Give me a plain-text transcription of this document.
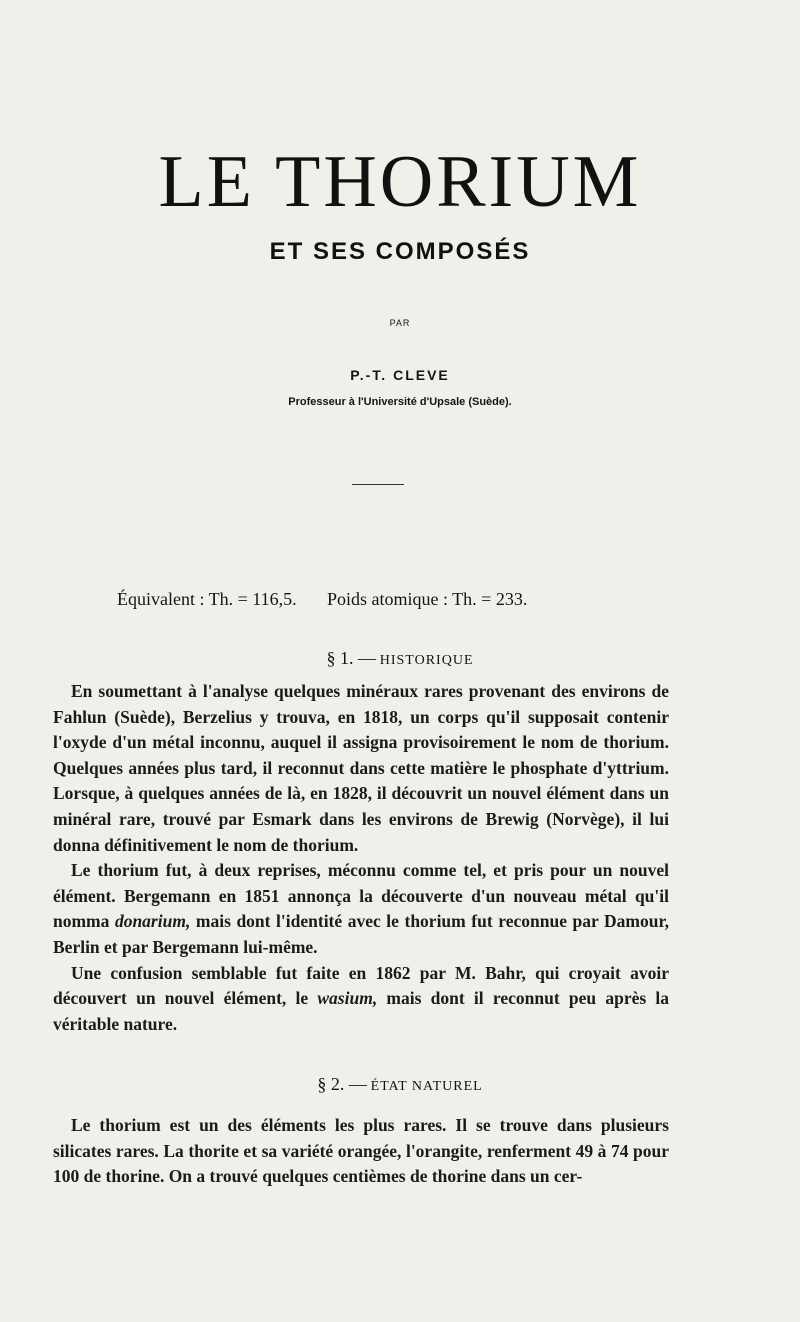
LE THORIUM
ET SES COMPOSÉS
PAR
P.-T. CLEVE
Professeur à l'Université d'Upsale (Suède).
Équivalent : Th. = 116,5. Poids atomique : Th. = 233.
§ 1. — HISTORIQUE

En soumettant à l'analyse quelques minéraux rares provenant des environs de Fahlun (Suède), Berzelius y trouva, en 1818, un corps qu'il supposait contenir l'oxyde d'un métal inconnu, auquel il assigna provisoirement le nom de thorium. Quelques années plus tard, il reconnut dans cette matière le phosphate d'yttrium. Lorsque, à quelques années de là, en 1828, il découvrit un nouvel élément dans un minéral rare, trouvé par Esmark dans les environs de Brewig (Norvège), il lui donna définitivement le nom de thorium.

Le thorium fut, à deux reprises, méconnu comme tel, et pris pour un nouvel élément. Bergemann en 1851 annonça la découverte d'un nouveau métal qu'il nomma donarium, mais dont l'identité avec le thorium fut reconnue par Damour, Berlin et par Bergemann lui-même.

Une confusion semblable fut faite en 1862 par M. Bahr, qui croyait avoir découvert un nouvel élément, le wasium, mais dont il reconnut peu après la véritable nature.

§ 2. — ÉTAT NATUREL

Le thorium est un des éléments les plus rares. Il se trouve dans plusieurs silicates rares. La thorite et sa variété orangée, l'orangite, renferment 49 à 74 pour 100 de thorine. On a trouvé quelques centièmes de thorine dans un cer-
